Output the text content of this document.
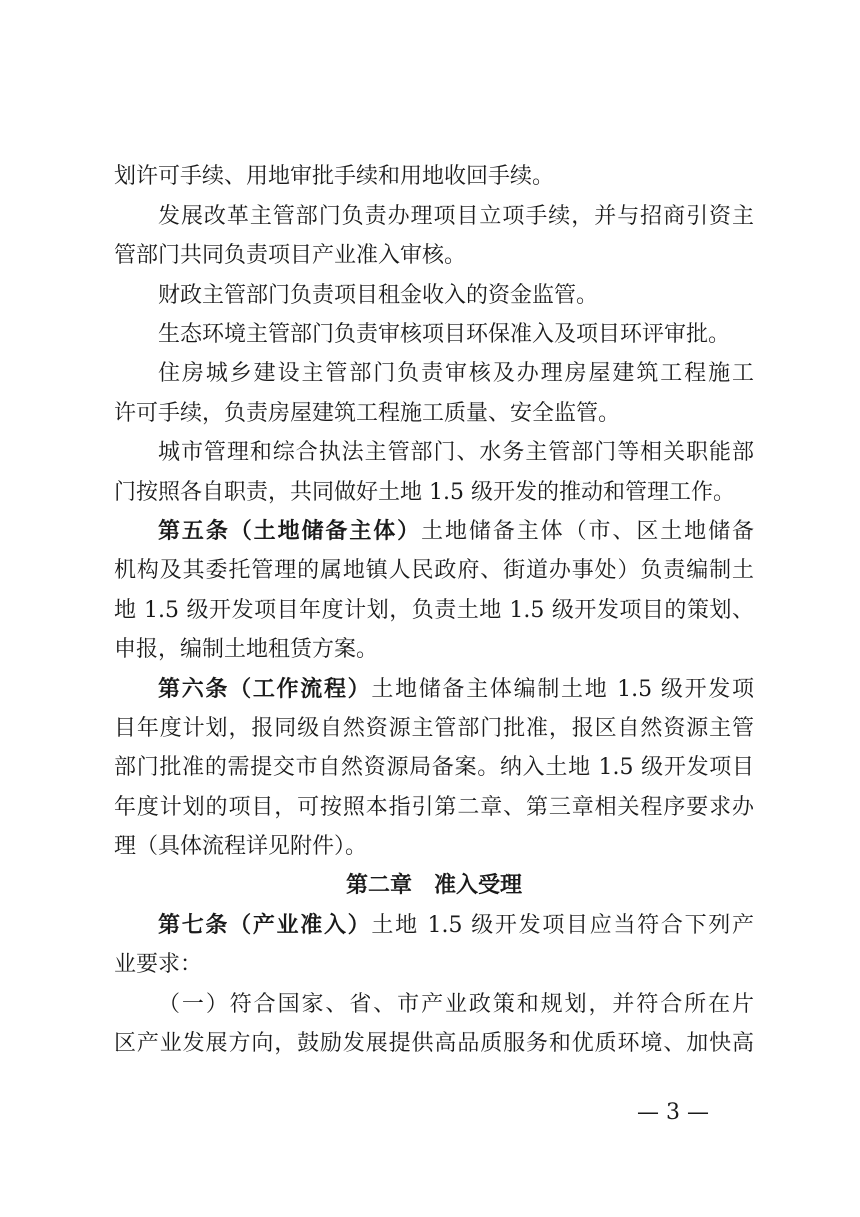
划许可手续、用地审批手续和用地收回手续。
发展改革主管部门负责办理项目立项手续，并与招商引资主
管部门共同负责项目产业准入审核。
财政主管部门负责项目租金收入的资金监管。
生态环境主管部门负责审核项目环保准入及项目环评审批。
住房城乡建设主管部门负责审核及办理房屋建筑工程施工
许可手续，负责房屋建筑工程施工质量、安全监管。
城市管理和综合执法主管部门、水务主管部门等相关职能部
门按照各自职责，共同做好土地 1.5 级开发的推动和管理工作。
第五条（土地储备主体）土地储备主体（市、区土地储备
机构及其委托管理的属地镇人民政府、街道办事处）负责编制土
地 1.5 级开发项目年度计划，负责土地 1.5 级开发项目的策划、
申报，编制土地租赁方案。
第六条（工作流程）土地储备主体编制土地 1.5 级开发项
目年度计划，报同级自然资源主管部门批准，报区自然资源主管
部门批准的需提交市自然资源局备案。纳入土地 1.5 级开发项目
年度计划的项目，可按照本指引第二章、第三章相关程序要求办
理（具体流程详见附件）。
第二章　准入受理
第七条（产业准入）土地 1.5 级开发项目应当符合下列产
业要求：
（一）符合国家、省、市产业政策和规划，并符合所在片
区产业发展方向，鼓励发展提供高品质服务和优质环境、加快高
— 3 —
